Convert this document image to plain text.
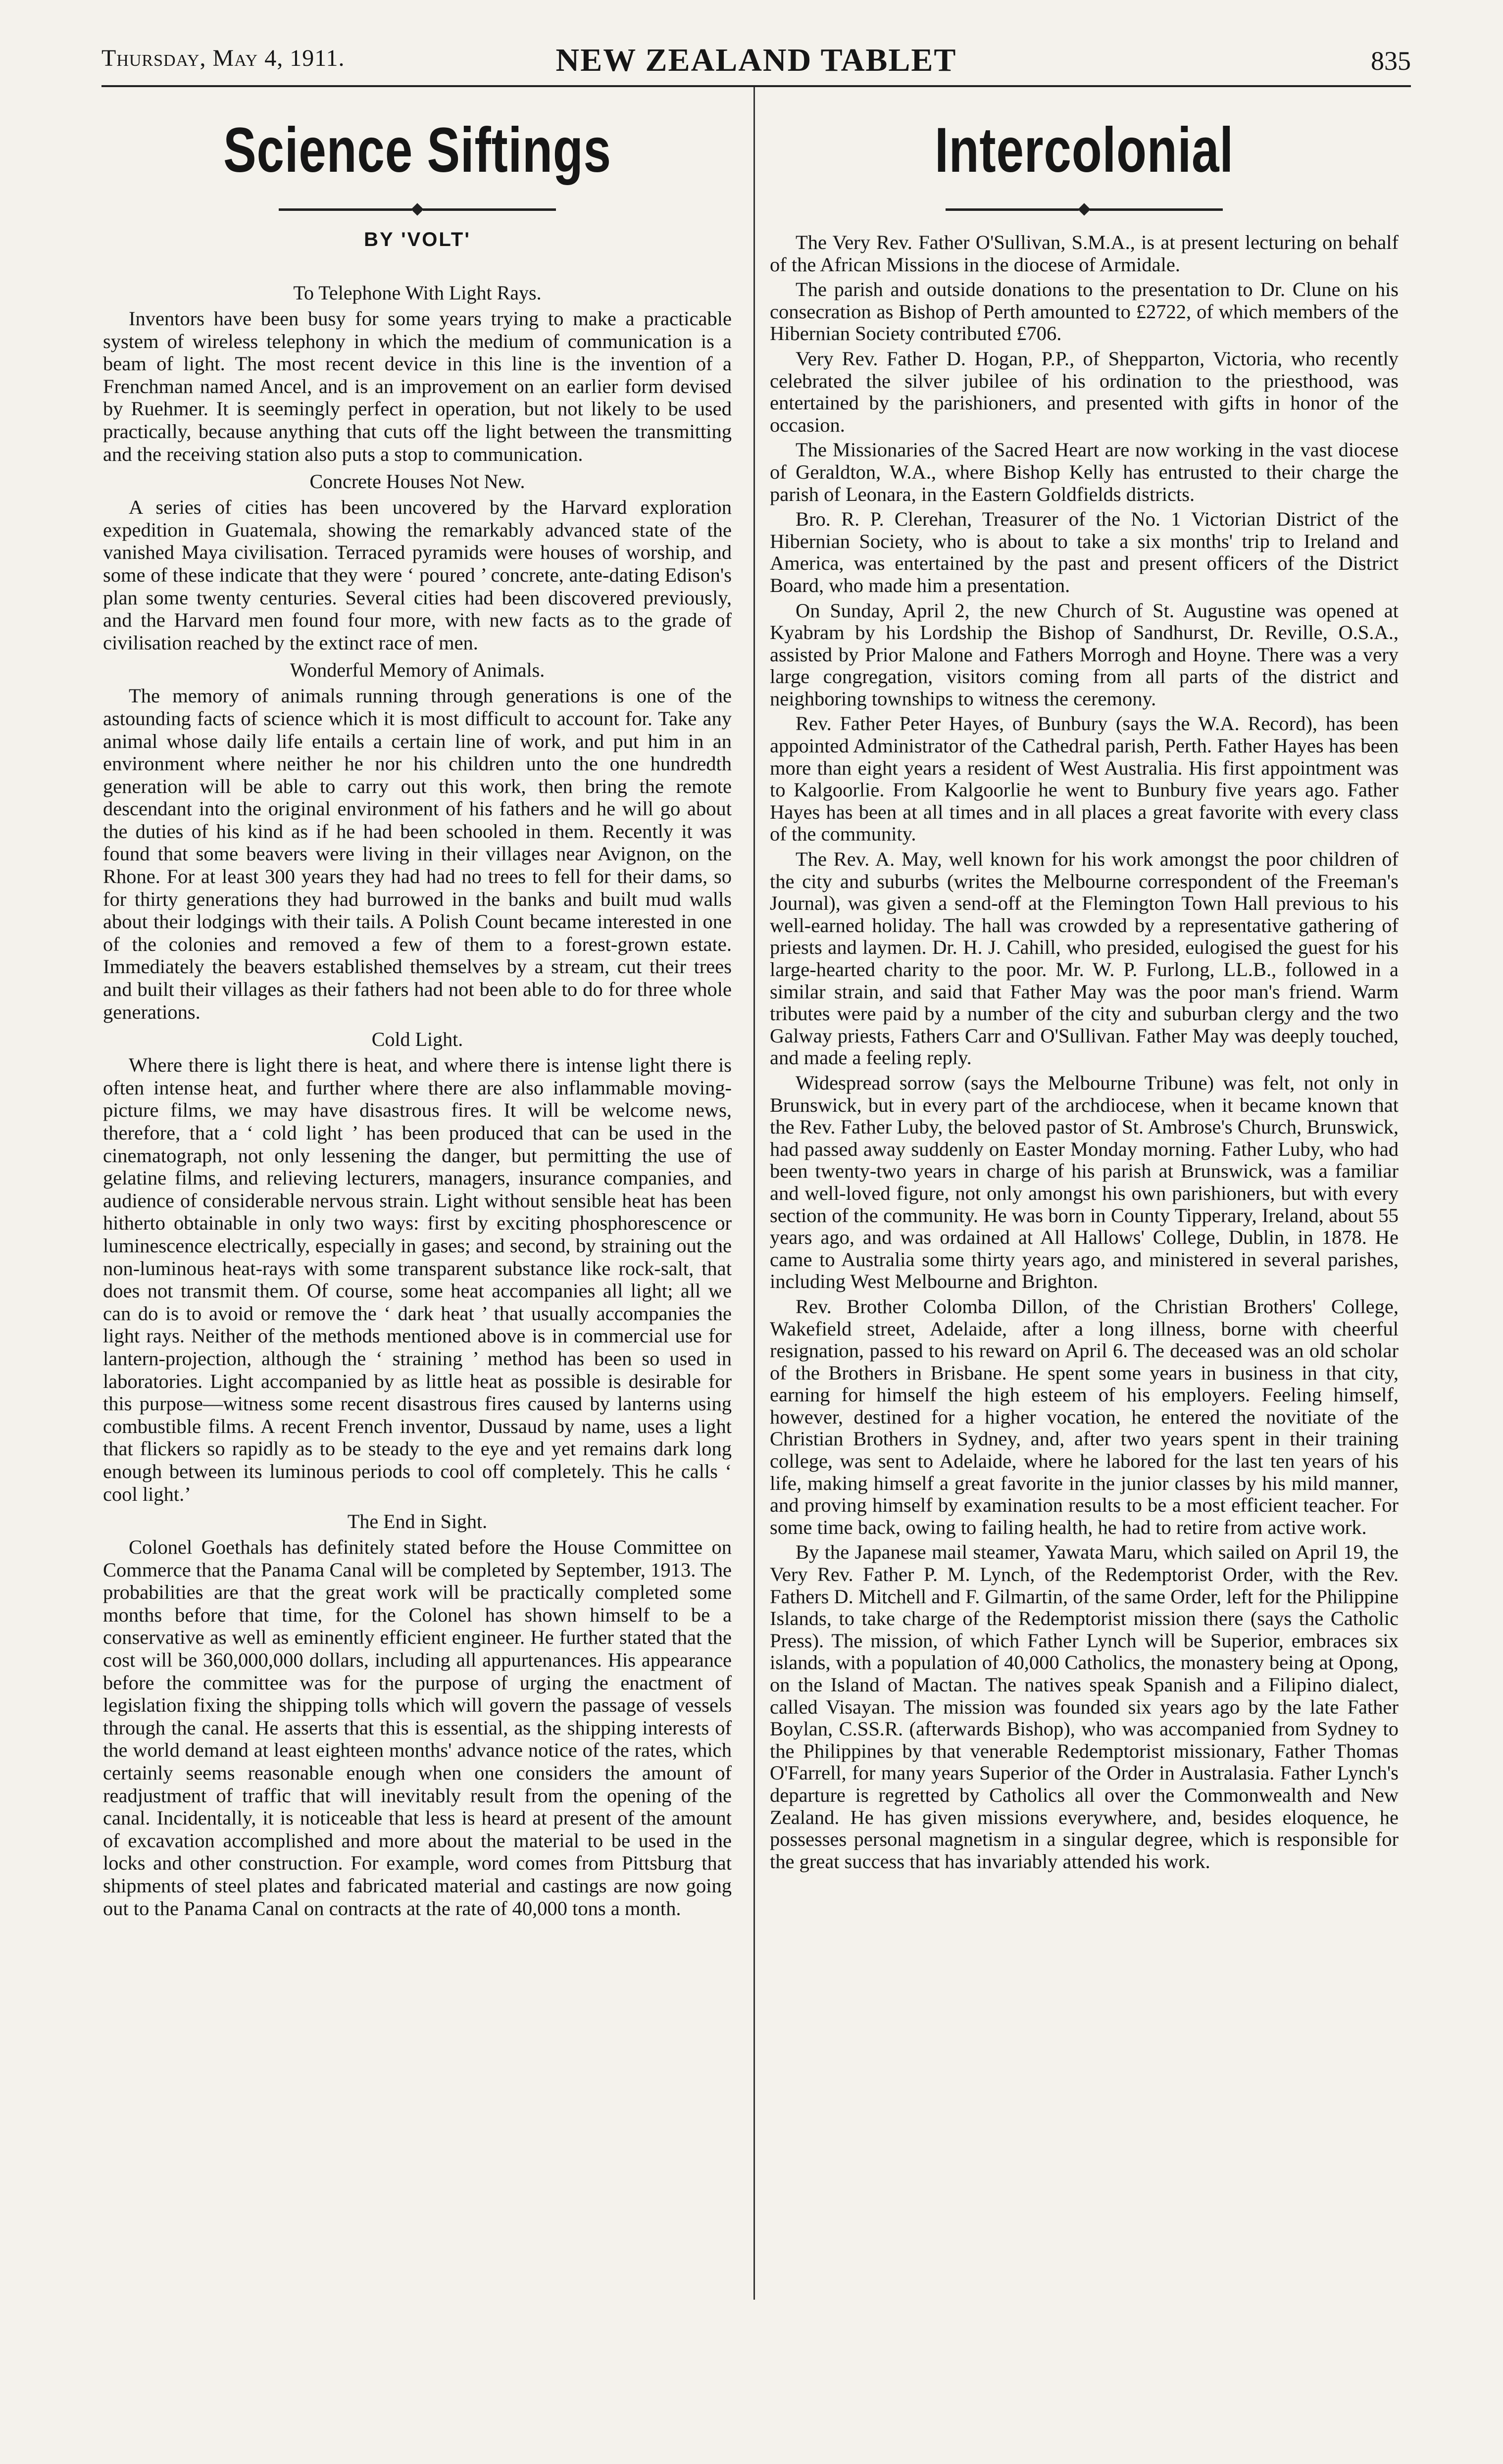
Thursday, May 4, 1911.	NEW ZEALAND TABLET	835
Science Siftings
BY 'VOLT'
To Telephone With Light Rays.

Inventors have been busy for some years trying to make a practicable system of wireless telephony in which the medium of communication is a beam of light. The most recent device in this line is the invention of a Frenchman named Ancel, and is an improvement on an earlier form devised by Ruehmer. It is seemingly perfect in operation, but not likely to be used practically, because anything that cuts off the light between the transmitting and the receiving station also puts a stop to communication.

Concrete Houses Not New.

A series of cities has been uncovered by the Harvard exploration expedition in Guatemala, showing the remarkably advanced state of the vanished Maya civilisation. Terraced pyramids were houses of worship, and some of these indicate that they were ‘ poured ’ concrete, ante-dating Edison's plan some twenty centuries. Several cities had been discovered previously, and the Harvard men found four more, with new facts as to the grade of civilisation reached by the extinct race of men.

Wonderful Memory of Animals.

The memory of animals running through generations is one of the astounding facts of science which it is most difficult to account for. Take any animal whose daily life entails a certain line of work, and put him in an environment where neither he nor his children unto the one hundredth generation will be able to carry out this work, then bring the remote descendant into the original environment of his fathers and he will go about the duties of his kind as if he had been schooled in them. Recently it was found that some beavers were living in their villages near Avignon, on the Rhone. For at least 300 years they had had no trees to fell for their dams, so for thirty generations they had burrowed in the banks and built mud walls about their lodgings with their tails. A Polish Count became interested in one of the colonies and removed a few of them to a forest-grown estate. Immediately the beavers established themselves by a stream, cut their trees and built their villages as their fathers had not been able to do for three whole generations.

Cold Light.

Where there is light there is heat, and where there is intense light there is often intense heat, and further where there are also inflammable moving-picture films, we may have disastrous fires. It will be welcome news, therefore, that a ‘ cold light ’ has been produced that can be used in the cinematograph, not only lessening the danger, but permitting the use of gelatine films, and relieving lecturers, managers, insurance companies, and audience of considerable nervous strain. Light without sensible heat has been hitherto obtainable in only two ways: first by exciting phosphorescence or luminescence electrically, especially in gases; and second, by straining out the non-luminous heat-rays with some transparent substance like rock-salt, that does not transmit them. Of course, some heat accompanies all light; all we can do is to avoid or remove the ‘ dark heat ’ that usually accompanies the light rays. Neither of the methods mentioned above is in commercial use for lantern-projection, although the ‘ straining ’ method has been so used in laboratories. Light accompanied by as little heat as possible is desirable for this purpose—witness some recent disastrous fires caused by lanterns using combustible films. A recent French inventor, Dussaud by name, uses a light that flickers so rapidly as to be steady to the eye and yet remains dark long enough between its luminous periods to cool off completely. This he calls ‘ cool light.’

The End in Sight.

Colonel Goethals has definitely stated before the House Committee on Commerce that the Panama Canal will be completed by September, 1913. The probabilities are that the great work will be practically completed some months before that time, for the Colonel has shown himself to be a conservative as well as eminently efficient engineer. He further stated that the cost will be 360,000,000 dollars, including all appurtenances. His appearance before the committee was for the purpose of urging the enactment of legislation fixing the shipping tolls which will govern the passage of vessels through the canal. He asserts that this is essential, as the shipping interests of the world demand at least eighteen months' advance notice of the rates, which certainly seems reasonable enough when one considers the amount of readjustment of traffic that will inevitably result from the opening of the canal. Incidentally, it is noticeable that less is heard at present of the amount of excavation accomplished and more about the material to be used in the locks and other construction. For example, word comes from Pittsburg that shipments of steel plates and fabricated material and castings are now going out to the Panama Canal on contracts at the rate of 40,000 tons a month.

Intercolonial

The Very Rev. Father O'Sullivan, S.M.A., is at present lecturing on behalf of the African Missions in the diocese of Armidale.

The parish and outside donations to the presentation to Dr. Clune on his consecration as Bishop of Perth amounted to £2722, of which members of the Hibernian Society contributed £706.

Very Rev. Father D. Hogan, P.P., of Shepparton, Victoria, who recently celebrated the silver jubilee of his ordination to the priesthood, was entertained by the parishioners, and presented with gifts in honor of the occasion.

The Missionaries of the Sacred Heart are now working in the vast diocese of Geraldton, W.A., where Bishop Kelly has entrusted to their charge the parish of Leonara, in the Eastern Goldfields districts.

Bro. R. P. Clerehan, Treasurer of the No. 1 Victorian District of the Hibernian Society, who is about to take a six months' trip to Ireland and America, was entertained by the past and present officers of the District Board, who made him a presentation.

On Sunday, April 2, the new Church of St. Augustine was opened at Kyabram by his Lordship the Bishop of Sandhurst, Dr. Reville, O.S.A., assisted by Prior Malone and Fathers Morrogh and Hoyne. There was a very large congregation, visitors coming from all parts of the district and neighboring townships to witness the ceremony.

Rev. Father Peter Hayes, of Bunbury (says the W.A. Record), has been appointed Administrator of the Cathedral parish, Perth. Father Hayes has been more than eight years a resident of West Australia. His first appointment was to Kalgoorlie. From Kalgoorlie he went to Bunbury five years ago. Father Hayes has been at all times and in all places a great favorite with every class of the community.

The Rev. A. May, well known for his work amongst the poor children of the city and suburbs (writes the Melbourne correspondent of the Freeman's Journal), was given a send-off at the Flemington Town Hall previous to his well-earned holiday. The hall was crowded by a representative gathering of priests and laymen. Dr. H. J. Cahill, who presided, eulogised the guest for his large-hearted charity to the poor. Mr. W. P. Furlong, LL.B., followed in a similar strain, and said that Father May was the poor man's friend. Warm tributes were paid by a number of the city and suburban clergy and the two Galway priests, Fathers Carr and O'Sullivan. Father May was deeply touched, and made a feeling reply.

Widespread sorrow (says the Melbourne Tribune) was felt, not only in Brunswick, but in every part of the archdiocese, when it became known that the Rev. Father Luby, the beloved pastor of St. Ambrose's Church, Brunswick, had passed away suddenly on Easter Monday morning. Father Luby, who had been twenty-two years in charge of his parish at Brunswick, was a familiar and well-loved figure, not only amongst his own parishioners, but with every section of the community. He was born in County Tipperary, Ireland, about 55 years ago, and was ordained at All Hallows' College, Dublin, in 1878. He came to Australia some thirty years ago, and ministered in several parishes, including West Melbourne and Brighton.

Rev. Brother Colomba Dillon, of the Christian Brothers' College, Wakefield street, Adelaide, after a long illness, borne with cheerful resignation, passed to his reward on April 6. The deceased was an old scholar of the Brothers in Brisbane. He spent some years in business in that city, earning for himself the high esteem of his employers. Feeling himself, however, destined for a higher vocation, he entered the novitiate of the Christian Brothers in Sydney, and, after two years spent in their training college, was sent to Adelaide, where he labored for the last ten years of his life, making himself a great favorite in the junior classes by his mild manner, and proving himself by examination results to be a most efficient teacher. For some time back, owing to failing health, he had to retire from active work.

By the Japanese mail steamer, Yawata Maru, which sailed on April 19, the Very Rev. Father P. M. Lynch, of the Redemptorist Order, with the Rev. Fathers D. Mitchell and F. Gilmartin, of the same Order, left for the Philippine Islands, to take charge of the Redemptorist mission there (says the Catholic Press). The mission, of which Father Lynch will be Superior, embraces six islands, with a population of 40,000 Catholics, the monastery being at Opong, on the Island of Mactan. The natives speak Spanish and a Filipino dialect, called Visayan. The mission was founded six years ago by the late Father Boylan, C.SS.R. (afterwards Bishop), who was accompanied from Sydney to the Philippines by that venerable Redemptorist missionary, Father Thomas O'Farrell, for many years Superior of the Order in Australasia. Father Lynch's departure is regretted by Catholics all over the Commonwealth and New Zealand. He has given missions everywhere, and, besides eloquence, he possesses personal magnetism in a singular degree, which is responsible for the great success that has invariably attended his work.
